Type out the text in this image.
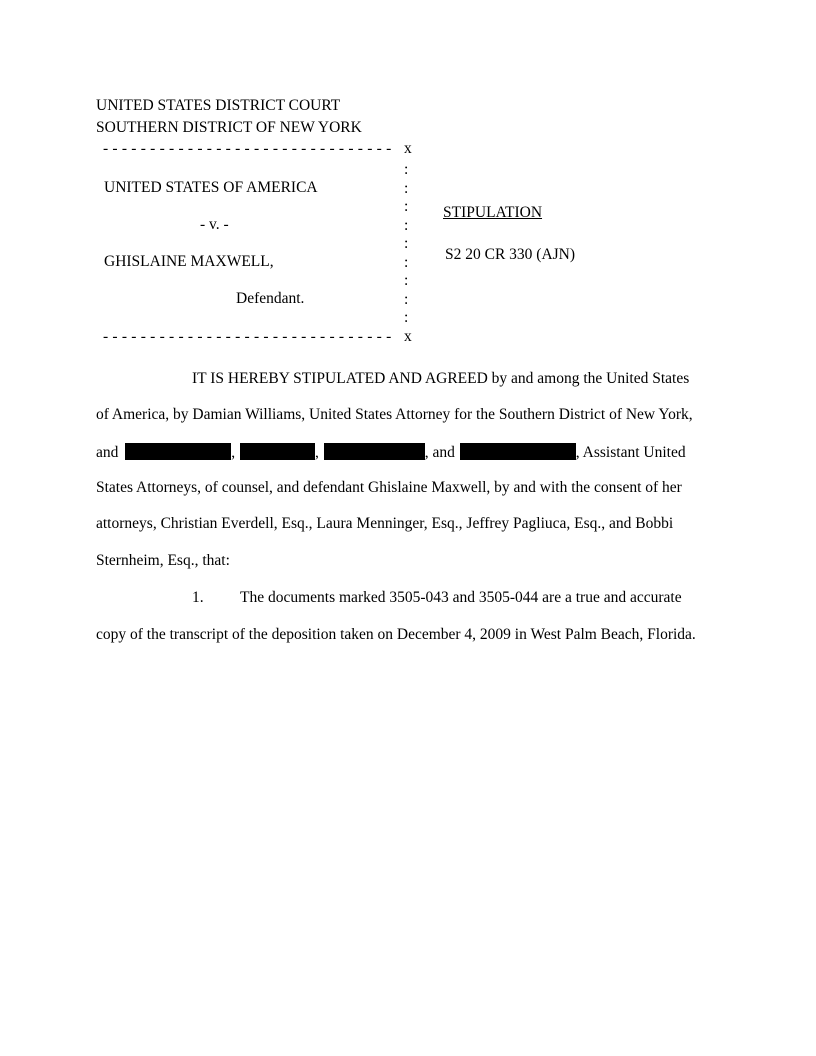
UNITED STATES DISTRICT COURT
SOUTHERN DISTRICT OF NEW YORK
- - - - - - - - - - - - - - - - - - - - - - - - - - - - - - - x
:
:
:
:
:
:
:
:
:
UNITED STATES OF AMERICA
- v. -
GHISLAINE MAXWELL,
Defendant.
STIPULATION
S2 20 CR 330 (AJN)
- - - - - - - - - - - - - - - - - - - - - - - - - - - - - - - x
IT IS HEREBY STIPULATED AND AGREED by and among the United States
of America, by Damian Williams, United States Attorney for the Southern District of New York,
and	,	,	, and	, Assistant United
States Attorneys, of counsel, and defendant Ghislaine Maxwell, by and with the consent of her
attorneys, Christian Everdell, Esq., Laura Menninger, Esq., Jeffrey Pagliuca, Esq., and Bobbi
Sternheim, Esq., that:
1. The documents marked 3505-043 and 3505-044 are a true and accurate
copy of the transcript of the deposition taken on December 4, 2009 in West Palm Beach, Florida.
